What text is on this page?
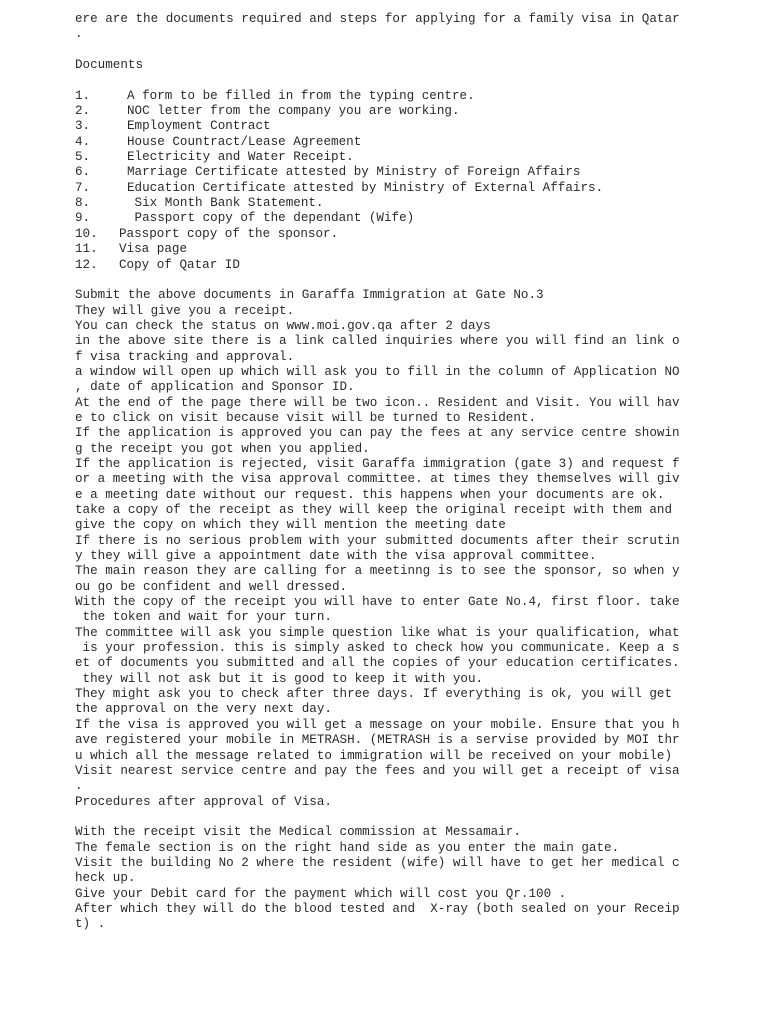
ere are the documents required and steps for applying for a family visa in Qatar
.
Documents
1.	A form to be filled in from the typing centre.
2.	NOC letter from the company you are working.
3.	Employment Contract
4.	House Countract/Lease Agreement
5.	Electricity and Water Receipt.
6.	Marriage Certificate attested by Ministry of Foreign Affairs
7.	Education Certificate attested by Ministry of External Affairs.
8.	Six Month Bank Statement.
9.	Passport copy of the dependant (Wife)
10.	Passport copy of the sponsor.
11.	Visa page
12.	Copy of Qatar ID
Submit the above documents in Garaffa Immigration at Gate No.3
They will give you a receipt.
You can check the status on www.moi.gov.qa after 2 days
in the above site there is a link called inquiries where you will find an link o
f visa tracking and approval.
a window will open up which will ask you to fill in the column of Application NO
, date of application and Sponsor ID.
At the end of the page there will be two icon.. Resident and Visit. You will hav
e to click on visit because visit will be turned to Resident.
If the application is approved you can pay the fees at any service centre showin
g the receipt you got when you applied.
If the application is rejected, visit Garaffa immigration (gate 3) and request f
or a meeting with the visa approval committee. at times they themselves will giv
e a meeting date without our request. this happens when your documents are ok.
take a copy of the receipt as they will keep the original receipt with them and
give the copy on which they will mention the meeting date
If there is no serious problem with your submitted documents after their scrutin
y they will give a appointment date with the visa approval committee.
The main reason they are calling for a meetinng is to see the sponsor, so when y
ou go be confident and well dressed.
With the copy of the receipt you will have to enter Gate No.4, first floor. take
the token and wait for your turn.
The committee will ask you simple question like what is your qualification, what
is your profession. this is simply asked to check how you communicate. Keep a s
et of documents you submitted and all the copies of your education certificates.
they will not ask but it is good to keep it with you.
They might ask you to check after three days. If everything is ok, you will get
the approval on the very next day.
If the visa is approved you will get a message on your mobile. Ensure that you h
ave registered your mobile in METRASH. (METRASH is a servise provided by MOI thr
u which all the message related to immigration will be received on your mobile)
Visit nearest service centre and pay the fees and you will get a receipt of visa
.
Procedures after approval of Visa.
With the receipt visit the Medical commission at Messamair.
The female section is on the right hand side as you enter the main gate.
Visit the building No 2 where the resident (wife) will have to get her medical c
heck up.
Give your Debit card for the payment which will cost you Qr.100 .
After which they will do the blood tested and  X-ray (both sealed on your Receip
t) .
